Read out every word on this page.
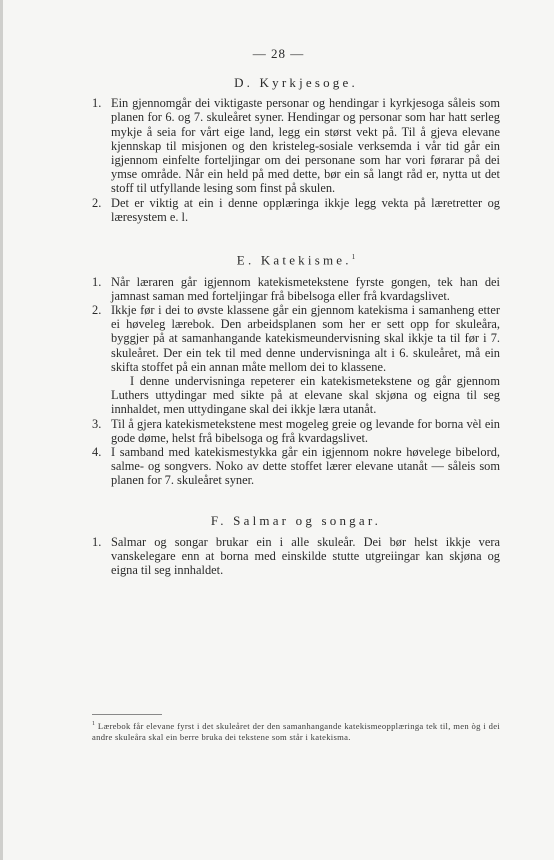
— 28 —

D. Kyrkjesoge.

1. Ein gjennomgår dei viktigaste personar og hendingar i kyrkjesoga såleis som planen for 6. og 7. skuleåret syner. Hendingar og personar som har hatt serleg mykje å seia for vårt eige land, legg ein størst vekt på. Til å gjeva elevane kjennskap til misjonen og den kristeleg-sosiale verksemda i vår tid går ein igjennom einfelte forteljingar om dei personane som har vori førarar på dei ymse område. Når ein held på med dette, bør ein så langt råd er, nytta ut det stoff til utfyllande lesing som finst på skulen.

2. Det er viktig at ein i denne opplæringa ikkje legg vekta på læretretter og læresystem e. l.

E. Katekisme.$^1$

1. Når læraren går igjennom katekismetekstene fyrste gongen, tek han dei jamnast saman med forteljingar frå bibelsoga eller frå kvardagslivet.

2. Ikkje før i dei to øvste klassene går ein gjennom katekisma i samanheng etter ei høveleg lærebok. Den arbeidsplanen som her er sett opp for skuleåra, byggjer på at samanhangande katekismeundervisning skal ikkje ta til før i 7. skuleåret. Der ein tek til med denne undervisninga alt i 6. skuleåret, må ein skifta stoffet på ein annan måte mellom dei to klassene.
I denne undervisninga repeterer ein katekismetekstene og går gjennom Luthers uttydingar med sikte på at elevane skal skjøna og eigna til seg innhaldet, men uttydingane skal dei ikkje læra utanåt.

3. Til å gjera katekismetekstene mest mogeleg greie og levande for borna vèl ein gode døme, helst frå bibelsoga og frå kvardagslivet.

4. I samband med katekismestykka går ein igjennom nokre høvelege bibelord, salme- og songvers. Noko av dette stoffet lærer elevane utanåt — såleis som planen for 7. skuleåret syner.

F. Salmar og songar.

1. Salmar og songar brukar ein i alle skuleår. Dei bør helst ikkje vera vanskelegare enn at borna med einskilde stutte utgreiingar kan skjøna og eigna til seg innhaldet.

$^1$ Lærebok får elevane fyrst i det skuleåret der den samanhangande katekismeopplæringa tek til, men òg i dei andre skuleåra skal ein berre bruka dei tekstene som står i katekisma.
